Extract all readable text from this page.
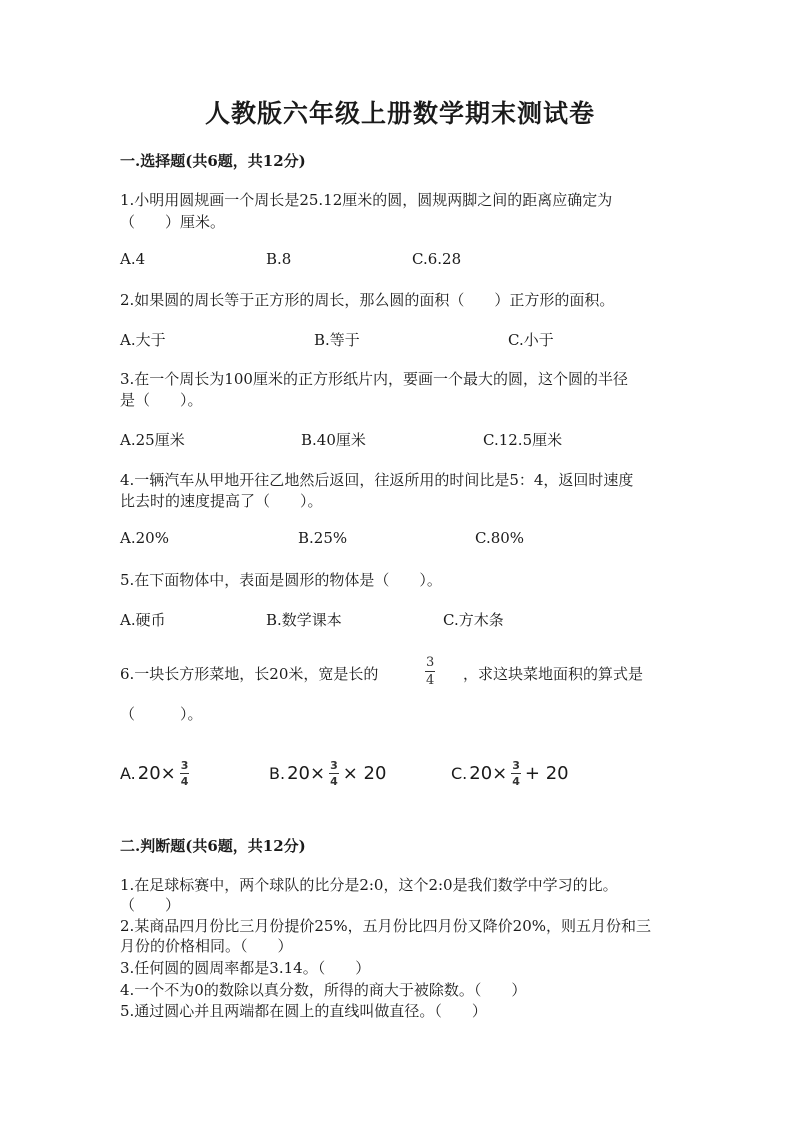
人教版六年级上册数学期末测试卷
一.选择题(共6题，共12分)
1.小明用圆规画一个周长是25.12厘米的圆，圆规两脚之间的距离应确定为
（　　）厘米。
A.4	B.8	C.6.28
2.如果圆的周长等于正方形的周长，那么圆的面积（　　）正方形的面积。
A.大于	B.等于	C.小于
3.在一个周长为100厘米的正方形纸片内，要画一个最大的圆，这个圆的半径
是（　　）。
A.25厘米	B.40厘米	C.12.5厘米
4.一辆汽车从甲地开往乙地然后返回，往返所用的时间比是5：4，返回时速度
比去时的速度提高了（　　）。
A.20%	B.25%	C.80%
5.在下面物体中，表面是圆形的物体是（　　）。
A.硬币	B.数学课本	C.方木条
6.一块长方形菜地，长20米，宽是长的	$\frac{3}{4}$ ，求这块菜地面积的算式是
（　　　）。
A. $20\times \frac{3}{4}$	B. $20\times \frac{3}{4} \times 20$	C. $20\times \frac{3}{4} + 20$
二.判断题(共6题，共12分)
1.在足球标赛中，两个球队的比分是2:0，这个2:0是我们数学中学习的比。
（　　）
2.某商品四月份比三月份提价25%，五月份比四月份又降价20%，则五月份和三
月份的价格相同。（　　）
3.任何圆的圆周率都是3.14。（　　）
4.一个不为0的数除以真分数，所得的商大于被除数。（　　）
5.通过圆心并且两端都在圆上的直线叫做直径。（　　）
